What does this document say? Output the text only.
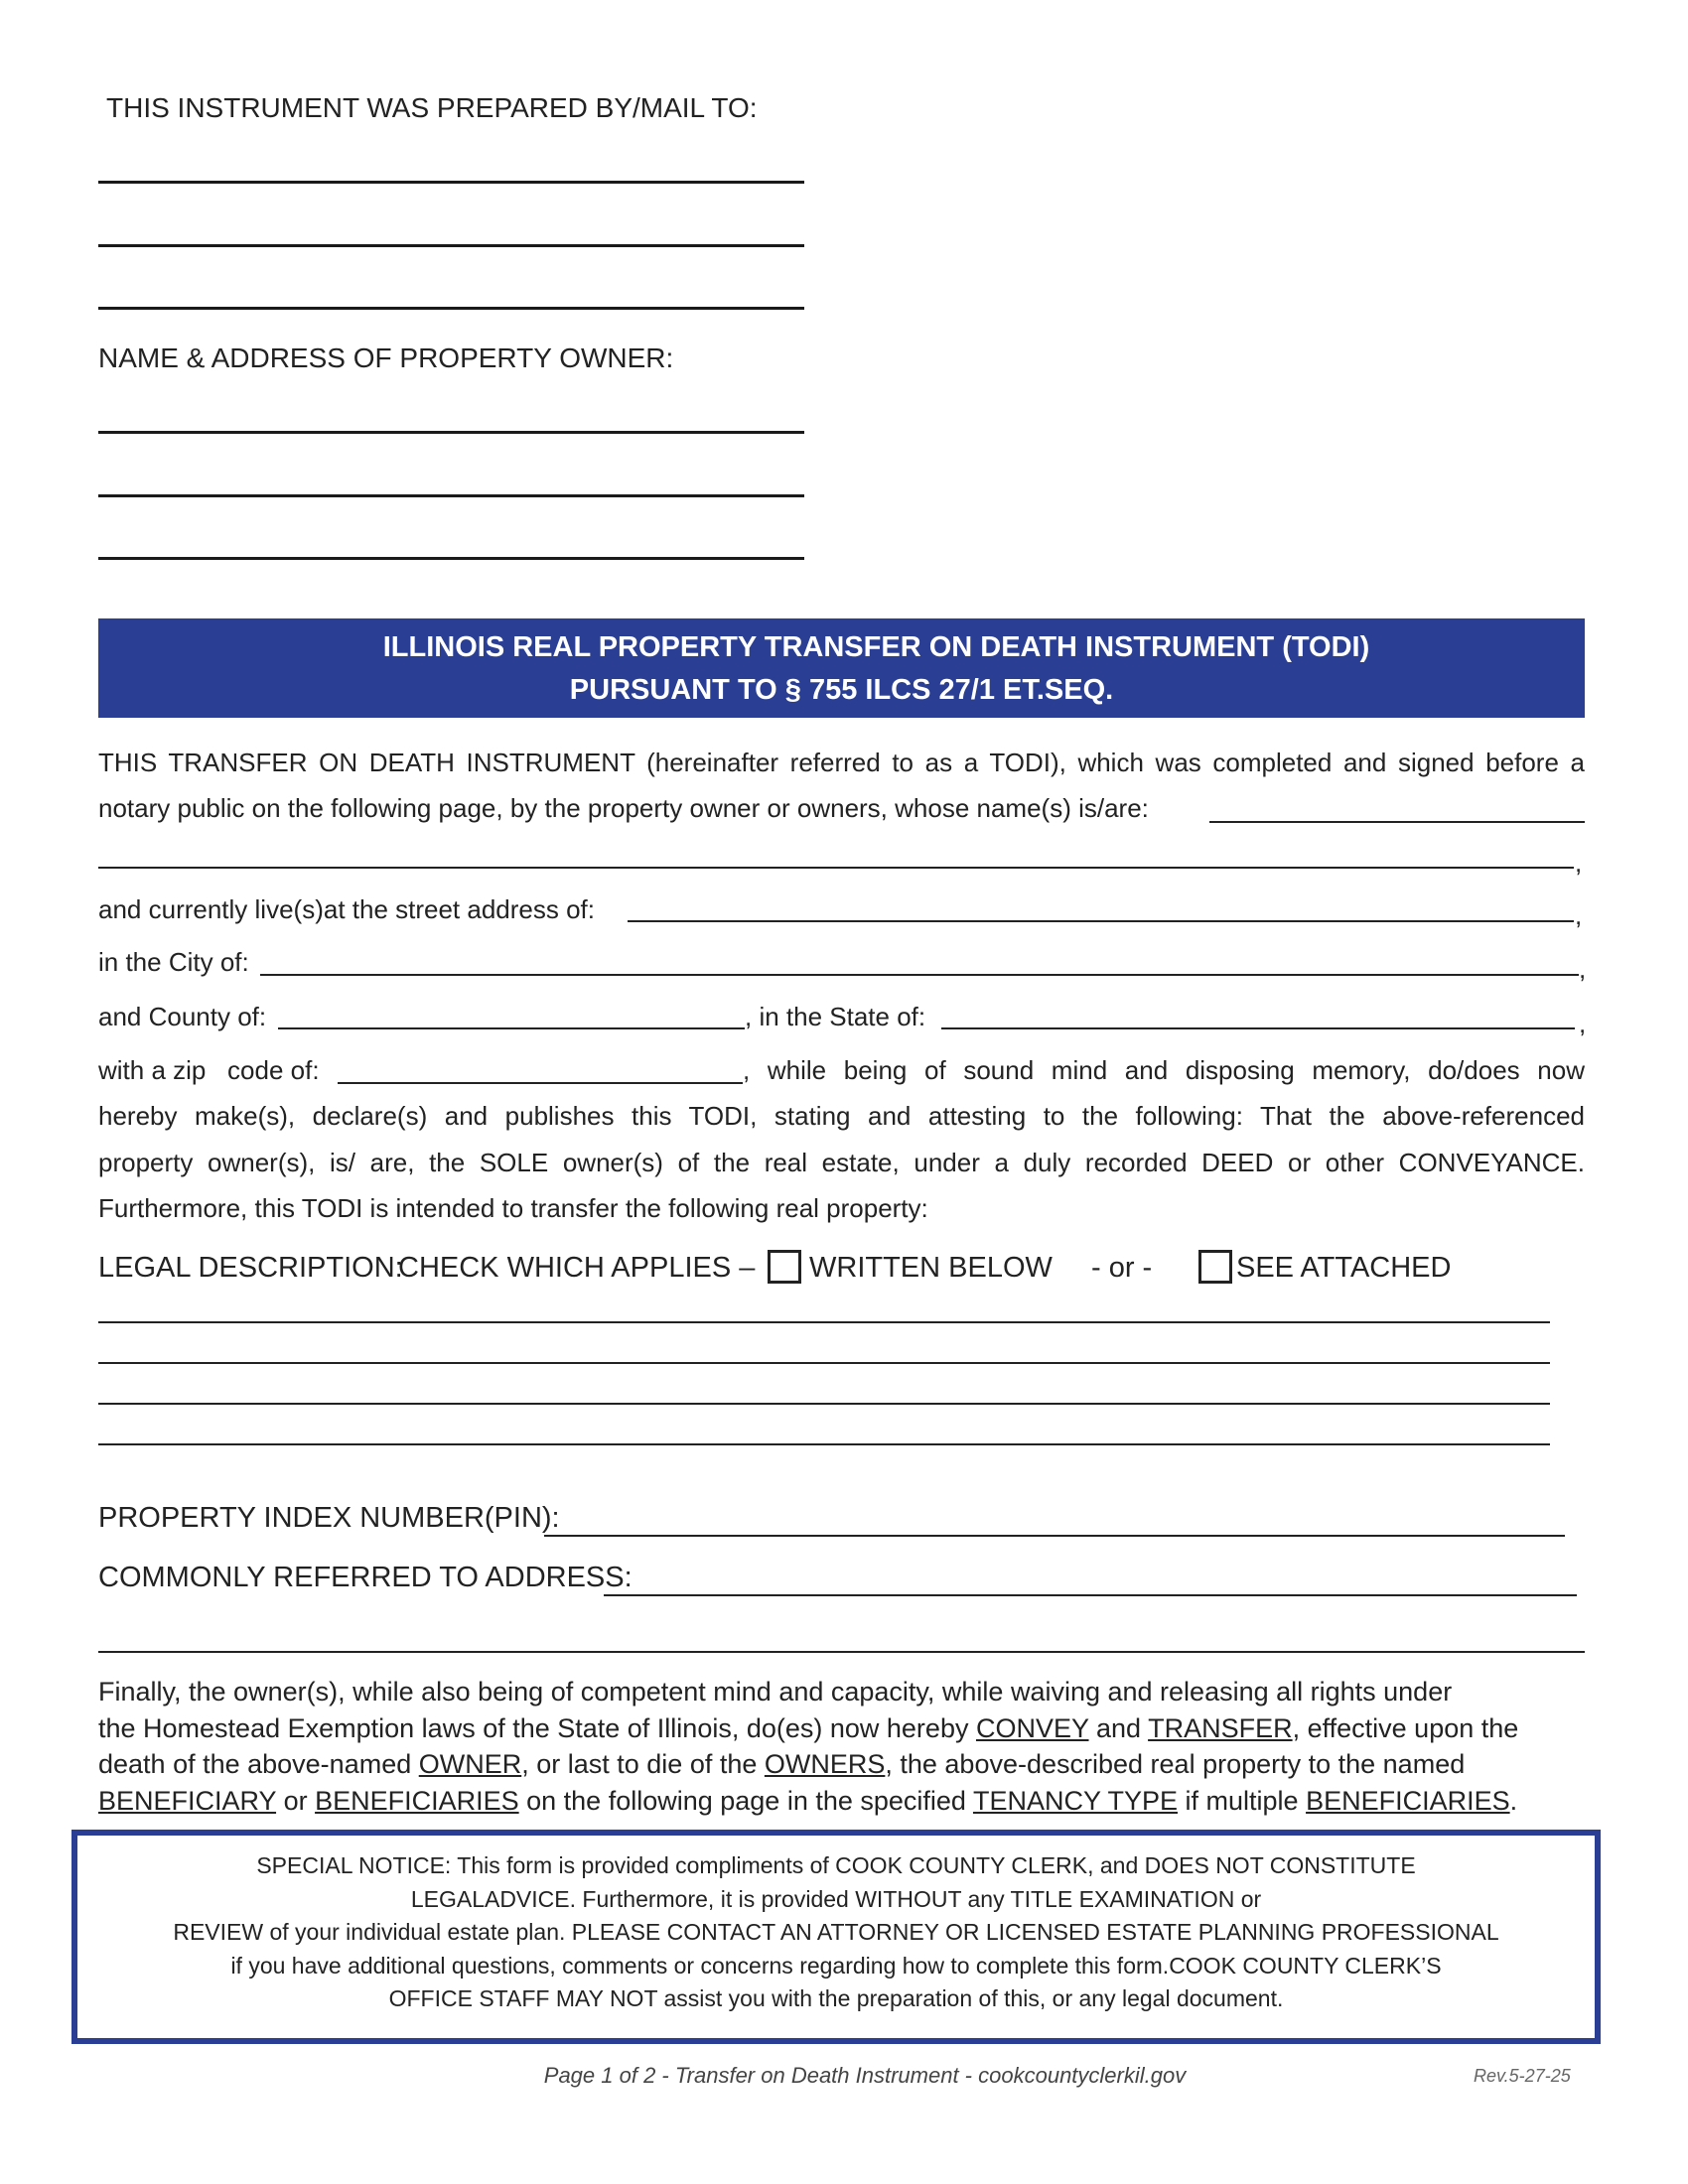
THIS INSTRUMENT WAS PREPARED BY/MAIL TO:
NAME & ADDRESS OF PROPERTY OWNER:
ILLINOIS REAL PROPERTY TRANSFER ON DEATH INSTRUMENT (TODI)
PURSUANT TO § 755 ILCS 27/1 ET.SEQ.
THIS TRANSFER ON DEATH INSTRUMENT (hereinafter referred to as a TODI), which was completed and signed before a
notary public on the following page, by the property owner or owners, whose name(s) is/are:
,
and currently live(s)at the street address of:	,
in the City of:	,
and County of:	, in the State of:	,
with a zip   code of:	, while being of sound mind and disposing memory, do/does now
hereby make(s), declare(s) and publishes this TODI, stating and attesting to the following: That the above-referenced
property owner(s), is/ are, the SOLE owner(s) of the real estate, under a duly recorded DEED or other CONVEYANCE.
Furthermore, this TODI is intended to transfer the following real property:
LEGAL DESCRIPTION:
CHECK WHICH APPLIES – WRITTEN BELOW - or -	SEE ATTACHED
PROPERTY INDEX NUMBER(PIN):
COMMONLY REFERRED TO ADDRESS:
Finally, the owner(s), while also being of competent mind and capacity, while waiving and releasing all rights under
the Homestead Exemption laws of the State of Illinois, do(es) now hereby CONVEY and TRANSFER, effective upon the
death of the above-named OWNER, or last to die of the OWNERS, the above-described real property to the named
BENEFICIARY or BENEFICIARIES on the following page in the specified TENANCY TYPE if multiple BENEFICIARIES.
SPECIAL NOTICE: This form is provided compliments of COOK COUNTY CLERK, and DOES NOT CONSTITUTE
LEGALADVICE. Furthermore, it is provided WITHOUT any TITLE EXAMINATION or
REVIEW of your individual estate plan. PLEASE CONTACT AN ATTORNEY OR LICENSED ESTATE PLANNING PROFESSIONAL
if you have additional questions, comments or concerns regarding how to complete this form.COOK COUNTY CLERK’S
OFFICE STAFF MAY NOT assist you with the preparation of this, or any legal document.
Page 1 of 2 - Transfer on Death Instrument - cookcountyclerkil.gov	Rev.5-27-25
